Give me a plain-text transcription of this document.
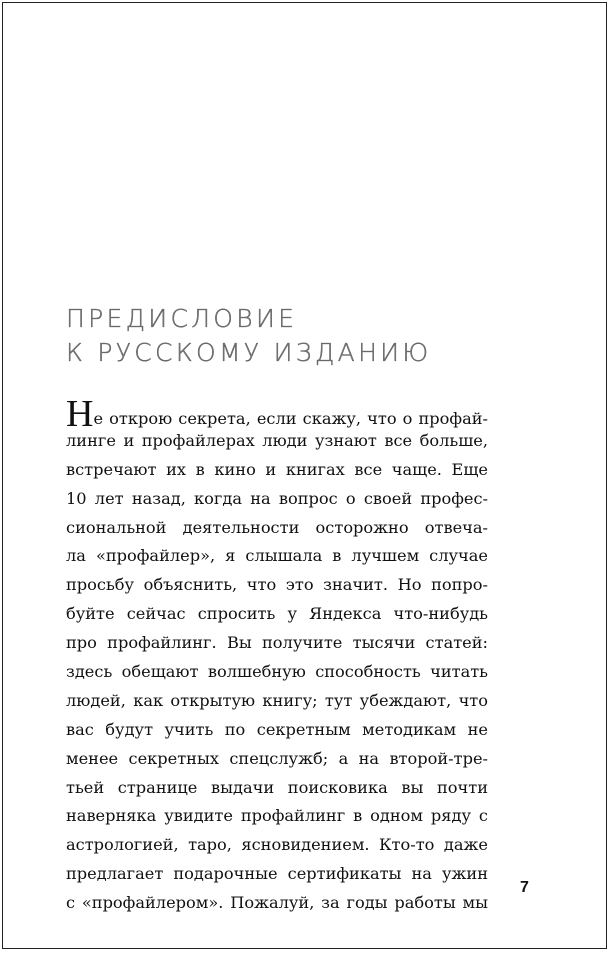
ПРЕДИСЛОВИЕ
К РУССКОМУ ИЗДАНИЮ
Не открою секрета, если скажу, что о профай-
линге и профайлерах люди узнают все больше,
встречают их в кино и книгах все чаще. Еще
10 лет назад, когда на вопрос о своей профес-
сиональной деятельности осторожно отвеча-
ла «профайлер», я слышала в лучшем случае
просьбу объяснить, что это значит. Но попро-
буйте сейчас спросить у Яндекса что-нибудь
про профайлинг. Вы получите тысячи статей:
здесь обещают волшебную способность читать
людей, как открытую книгу; тут убеждают, что
вас будут учить по секретным методикам не
менее секретных спецслужб; а на второй-тре-
тьей странице выдачи поисковика вы почти
наверняка увидите профайлинг в одном ряду с
астрологией, таро, ясновидением. Кто-то даже
предлагает подарочные сертификаты на ужин
с «профайлером». Пожалуй, за годы работы мы
7
